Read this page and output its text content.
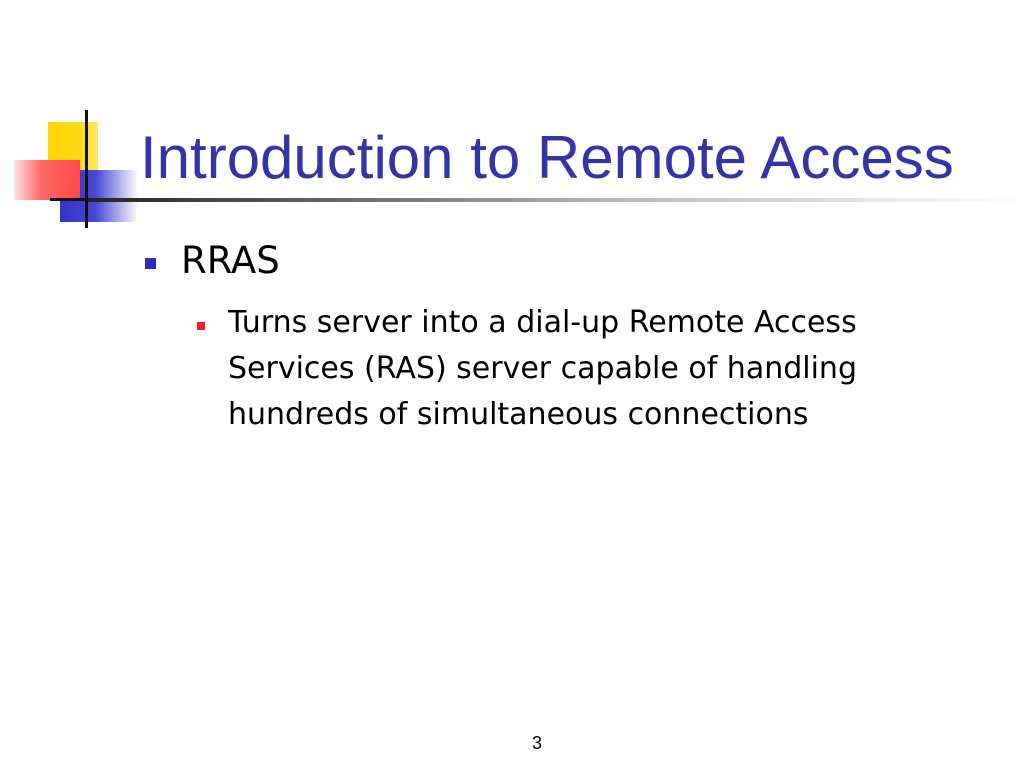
Introduction to Remote Access
RRAS
Turns server into a dial-up Remote Access
Services (RAS) server capable of handling
hundreds of simultaneous connections
3
